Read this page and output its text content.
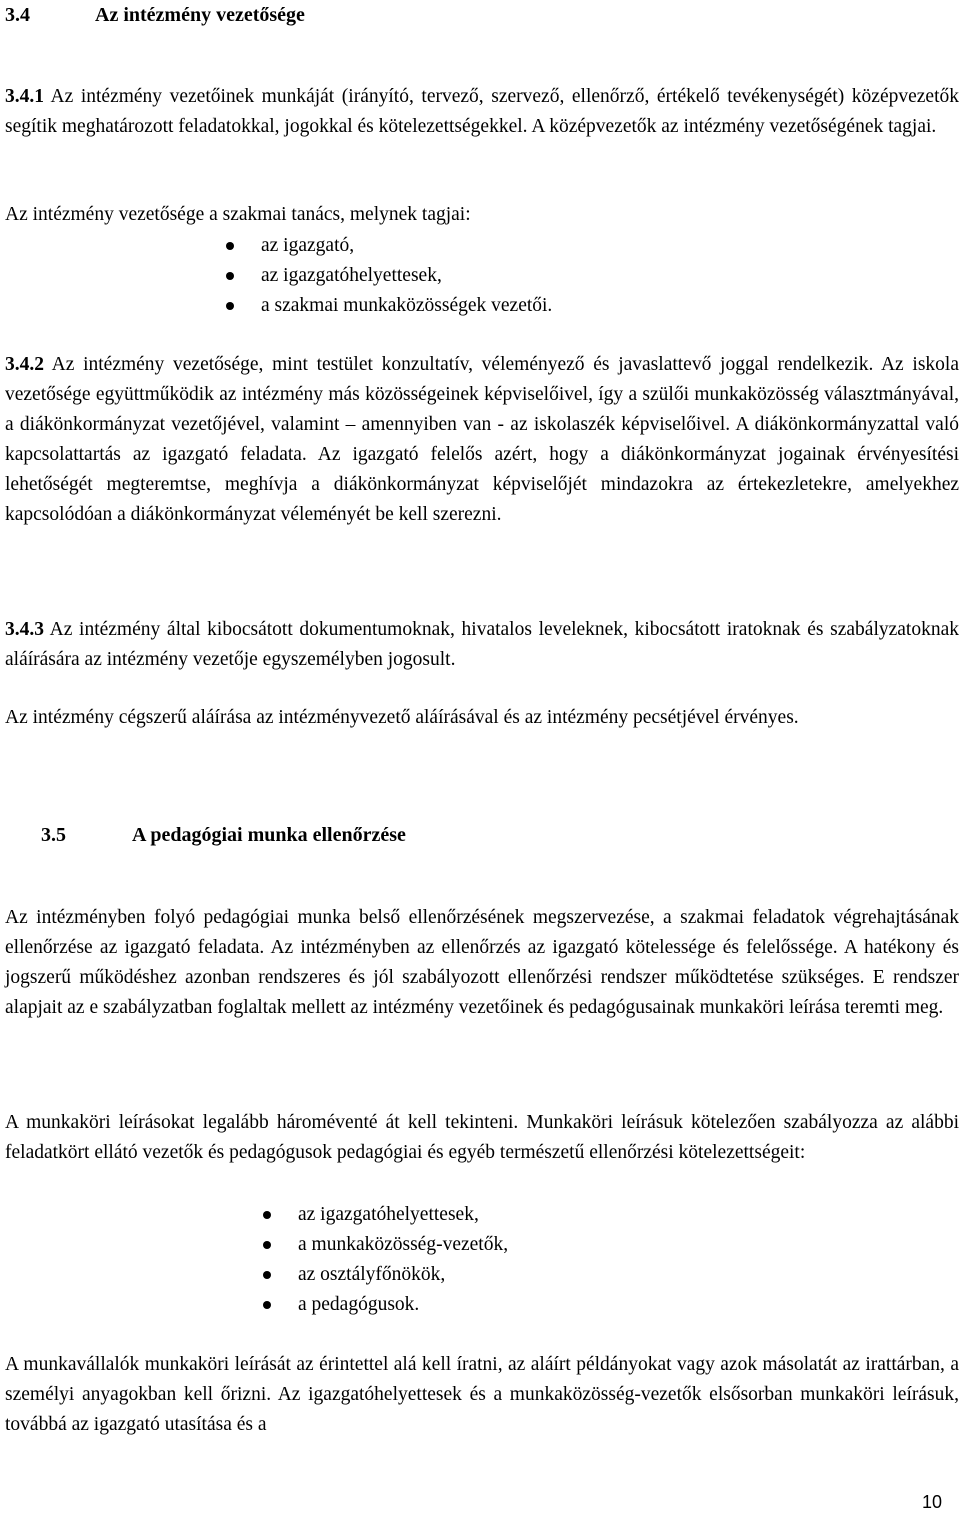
3.4	Az intézmény vezetősége

3.4.1 Az intézmény vezetőinek munkáját (irányító, tervező, szervező, ellenőrző, értékelő tevékenységét) középvezetők segítik meghatározott feladatokkal, jogokkal és kötelezettségekkel. A középvezetők az intézmény vezetőségének tagjai.

Az intézmény vezetősége a szakmai tanács, melynek tagjai:

az igazgató,
az igazgatóhelyettesek,
a szakmai munkaközösségek vezetői.

3.4.2 Az intézmény vezetősége, mint testület konzultatív, véleményező és javaslattevő joggal rendelkezik. Az iskola vezetősége együttműködik az intézmény más közösségeinek képviselőivel, így a szülői munkaközösség választmányával, a diákönkormányzat vezetőjével, valamint – amennyiben van - az iskolaszék képviselőivel. A diákönkormányzattal való kapcsolattartás az igazgató feladata. Az igazgató felelős azért, hogy a diákönkormányzat jogainak érvényesítési lehetőségét megteremtse, meghívja a diákönkormányzat képviselőjét mindazokra az értekezletekre, amelyekhez kapcsolódóan a diákönkormányzat véleményét be kell szerezni.

3.4.3 Az intézmény által kibocsátott dokumentumoknak, hivatalos leveleknek, kibocsátott iratoknak és szabályzatoknak aláírására az intézmény vezetője egyszemélyben jogosult.

Az intézmény cégszerű aláírása az intézményvezető aláírásával és az intézmény pecsétjével érvényes.

3.5	A pedagógiai munka ellenőrzése

Az intézményben folyó pedagógiai munka belső ellenőrzésének megszervezése, a szakmai feladatok végrehajtásának ellenőrzése az igazgató feladata. Az intézményben az ellenőrzés az igazgató kötelessége és felelőssége. A hatékony és jogszerű működéshez azonban rendszeres és jól szabályozott ellenőrzési rendszer működtetése szükséges. E rendszer alapjait az e szabályzatban foglaltak mellett az intézmény vezetőinek és pedagógusainak munkaköri leírása teremti meg.

A munkaköri leírásokat legalább hároméventé át kell tekinteni. Munkaköri leírásuk kötelezően szabályozza az alábbi feladatkört ellátó vezetők és pedagógusok pedagógiai és egyéb természetű ellenőrzési kötelezettségeit:

az igazgatóhelyettesek,
a munkaközösség-vezetők,
az osztályfőnökök,
a pedagógusok.

A munkavállalók munkaköri leírását az érintettel alá kell íratni, az aláírt példányokat vagy azok másolatát az irattárban, a személyi anyagokban kell őrizni. Az igazgatóhelyettesek és a munkaközösség-vezetők elsősorban munkaköri leírásuk, továbbá az igazgató utasítása és a

10
